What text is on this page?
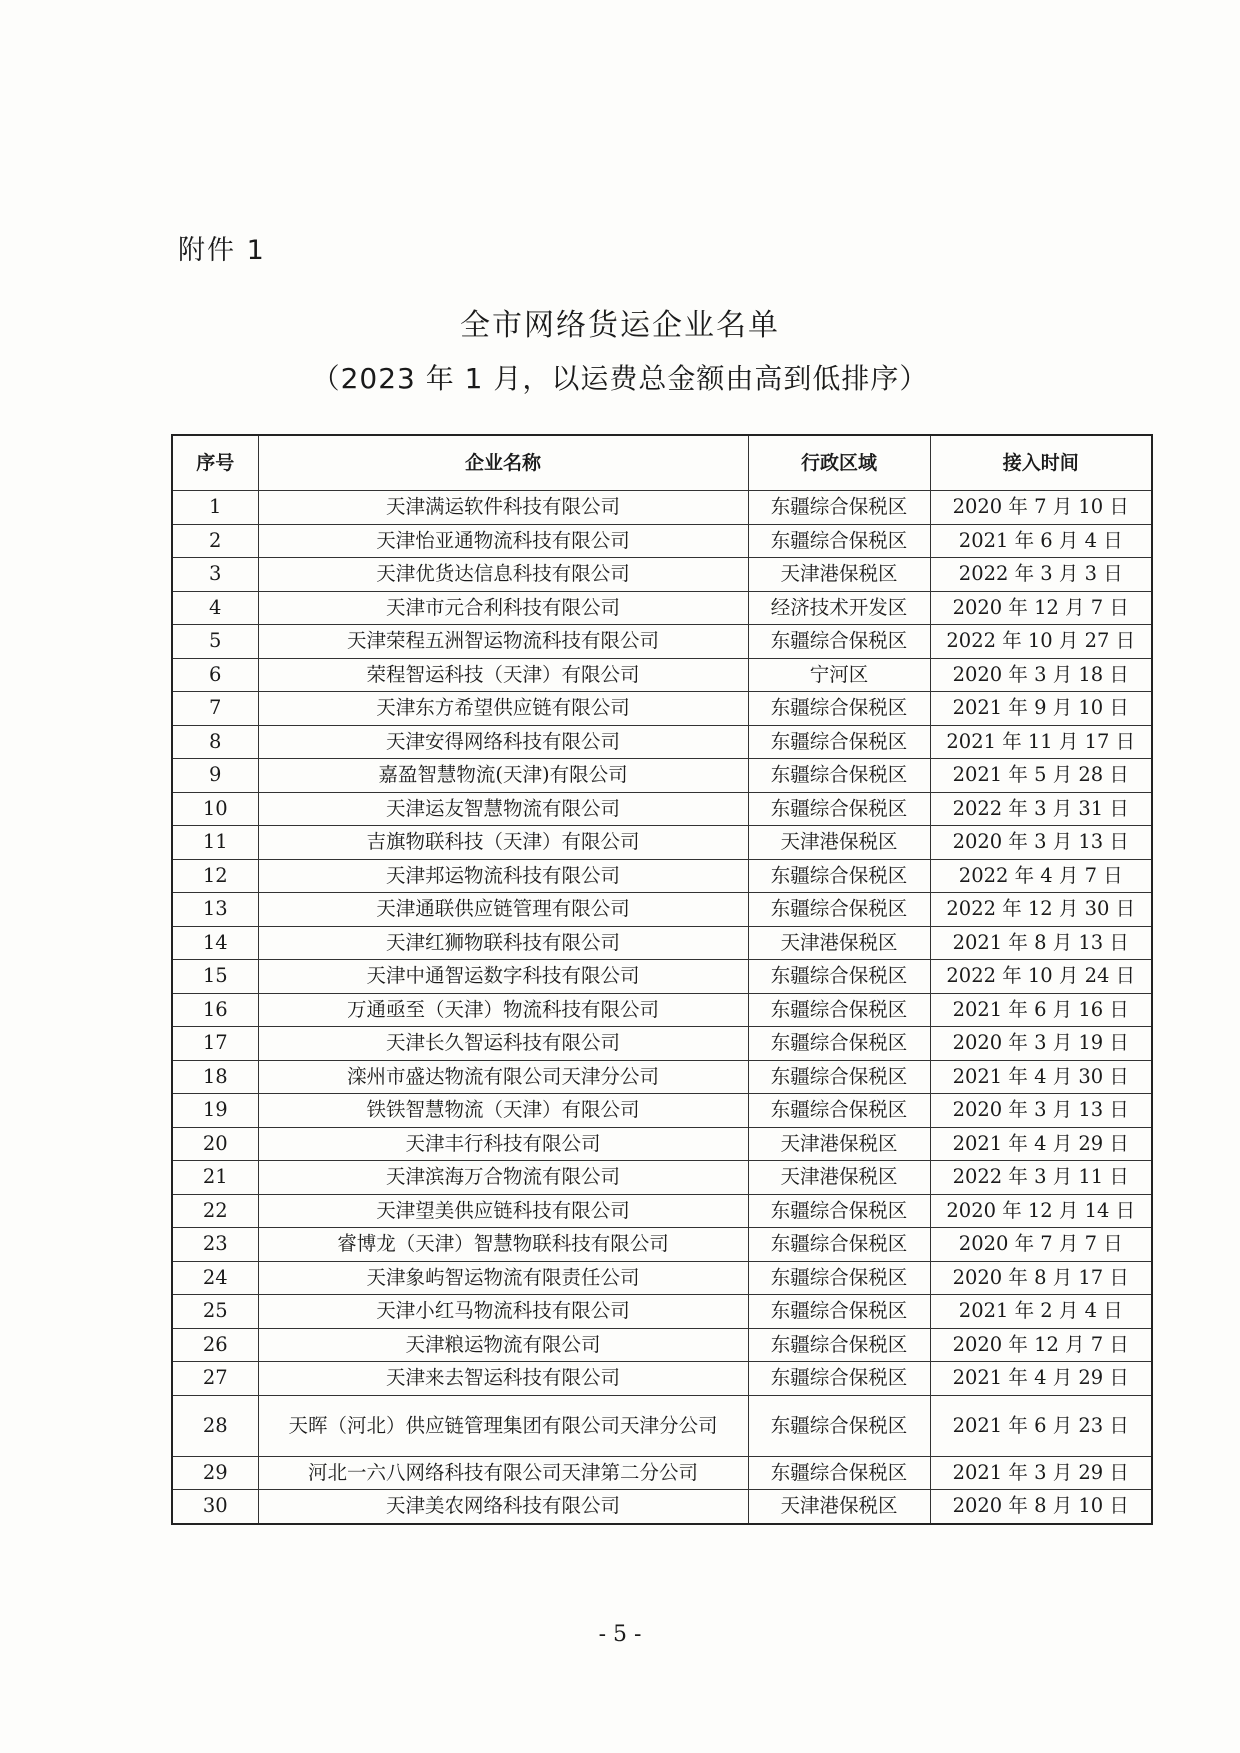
附件 1
全市网络货运企业名单
（2023 年 1 月，以运费总金额由高到低排序）
序号	企业名称	行政区域	接入时间
1	天津满运软件科技有限公司	东疆综合保税区	2020 年 7 月 10 日
2	天津怡亚通物流科技有限公司	东疆综合保税区	2021 年 6 月 4 日
3	天津优货达信息科技有限公司	天津港保税区	2022 年 3 月 3 日
4	天津市元合利科技有限公司	经济技术开发区	2020 年 12 月 7 日
5	天津荣程五洲智运物流科技有限公司	东疆综合保税区	2022 年 10 月 27 日
6	荣程智运科技（天津）有限公司	宁河区	2020 年 3 月 18 日
7	天津东方希望供应链有限公司	东疆综合保税区	2021 年 9 月 10 日
8	天津安得网络科技有限公司	东疆综合保税区	2021 年 11 月 17 日
9	嘉盈智慧物流(天津)有限公司	东疆综合保税区	2021 年 5 月 28 日
10	天津运友智慧物流有限公司	东疆综合保税区	2022 年 3 月 31 日
11	吉旗物联科技（天津）有限公司	天津港保税区	2020 年 3 月 13 日
12	天津邦运物流科技有限公司	东疆综合保税区	2022 年 4 月 7 日
13	天津通联供应链管理有限公司	东疆综合保税区	2022 年 12 月 30 日
14	天津红狮物联科技有限公司	天津港保税区	2021 年 8 月 13 日
15	天津中通智运数字科技有限公司	东疆综合保税区	2022 年 10 月 24 日
16	万通亟至（天津）物流科技有限公司	东疆综合保税区	2021 年 6 月 16 日
17	天津长久智运科技有限公司	东疆综合保税区	2020 年 3 月 19 日
18	滦州市盛达物流有限公司天津分公司	东疆综合保税区	2021 年 4 月 30 日
19	铁铁智慧物流（天津）有限公司	东疆综合保税区	2020 年 3 月 13 日
20	天津丰行科技有限公司	天津港保税区	2021 年 4 月 29 日
21	天津滨海万合物流有限公司	天津港保税区	2022 年 3 月 11 日
22	天津望美供应链科技有限公司	东疆综合保税区	2020 年 12 月 14 日
23	睿博龙（天津）智慧物联科技有限公司	东疆综合保税区	2020 年 7 月 7 日
24	天津象屿智运物流有限责任公司	东疆综合保税区	2020 年 8 月 17 日
25	天津小红马物流科技有限公司	东疆综合保税区	2021 年 2 月 4 日
26	天津粮运物流有限公司	东疆综合保税区	2020 年 12 月 7 日
27	天津来去智运科技有限公司	东疆综合保税区	2021 年 4 月 29 日
28	天晖（河北）供应链管理集团有限公司天津分公司	东疆综合保税区	2021 年 6 月 23 日
29	河北一六八网络科技有限公司天津第二分公司	东疆综合保税区	2021 年 3 月 29 日
30	天津美农网络科技有限公司	天津港保税区	2020 年 8 月 10 日
- 5 -
